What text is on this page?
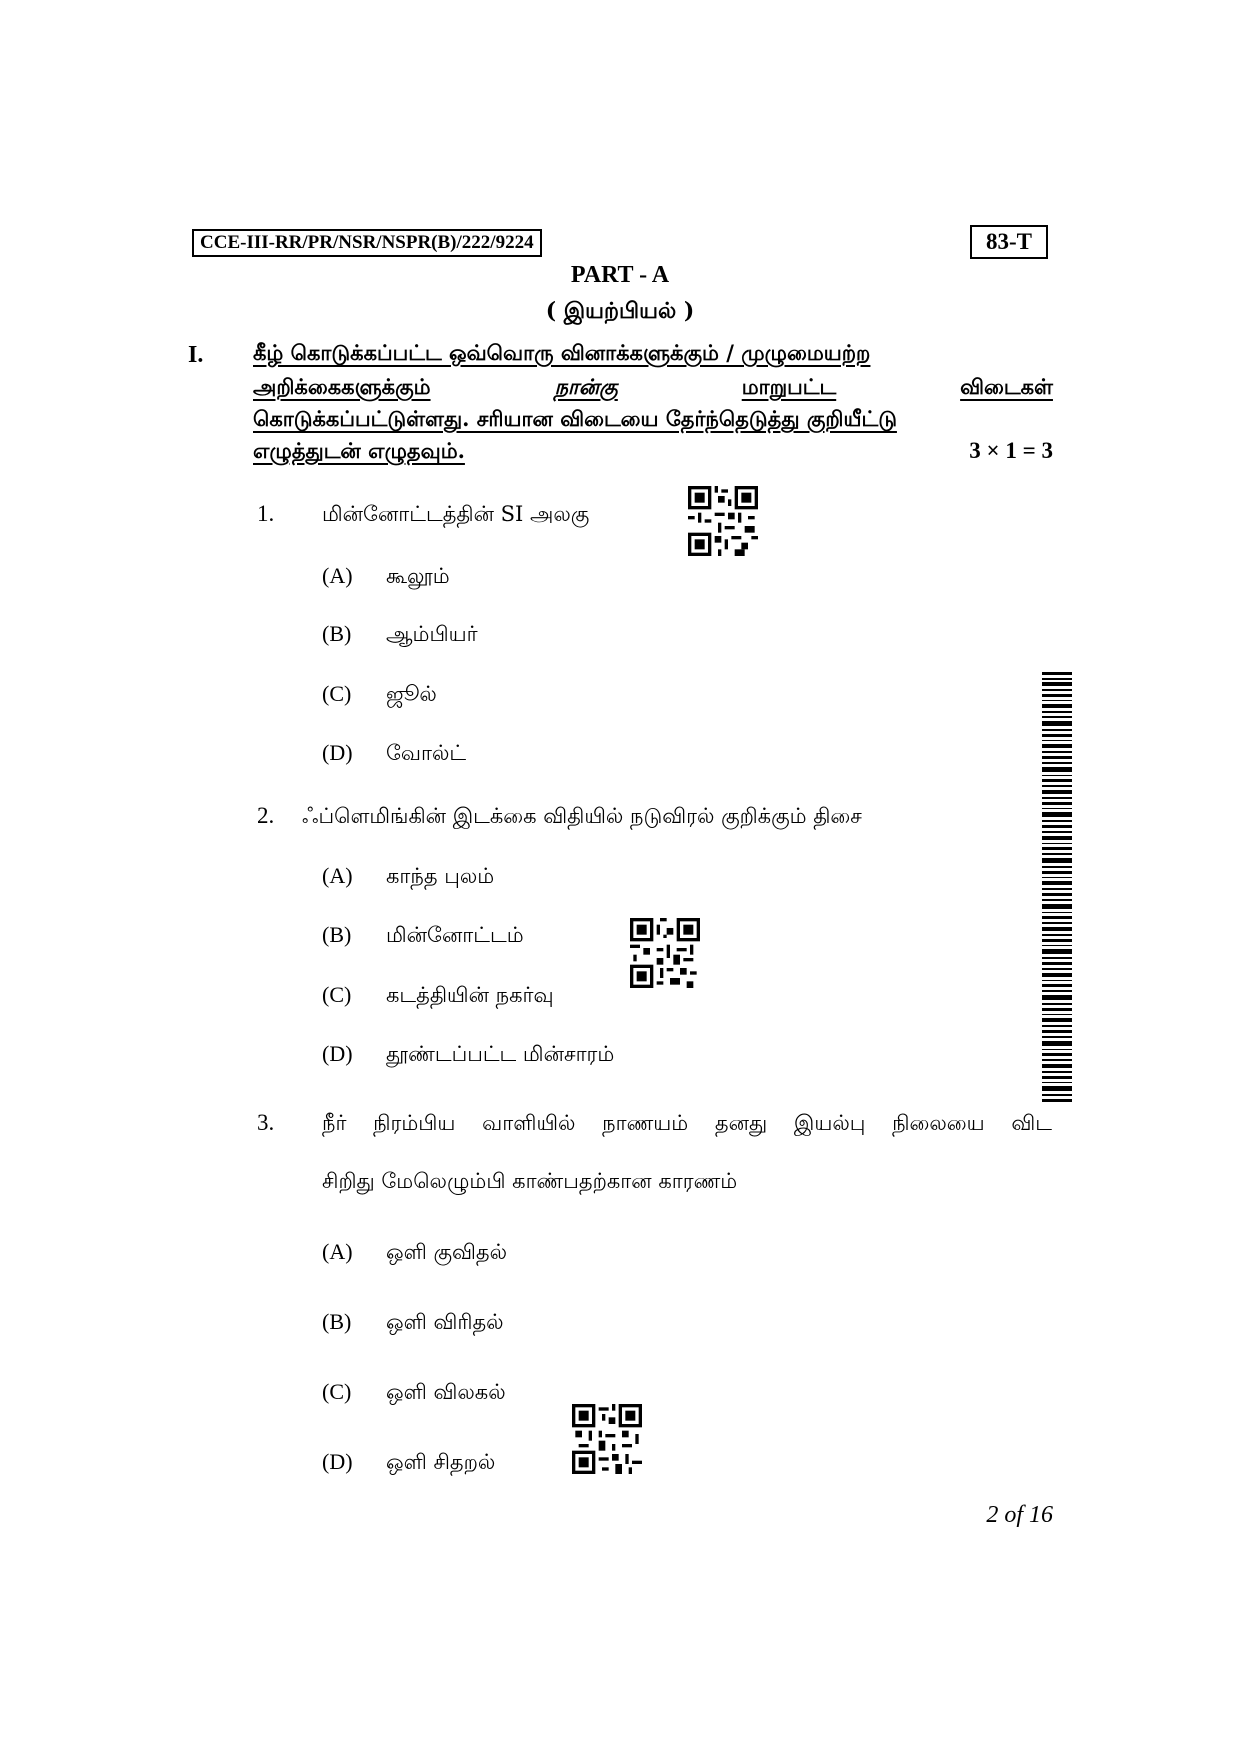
CCE-III-RR/PR/NSR/NSPR(B)/222/9224	83-T
PART - A
( இயற்பியல் )
I. கீழ் கொடுக்கப்பட்ட ஒவ்வொரு வினாக்களுக்கும் / முழுமையற்ற
அறிக்கைகளுக்கும்	நான்கு	மாறுபட்ட	விடைகள்
கொடுக்கப்பட்டுள்ளது. சரியான விடையை தேர்ந்தெடுத்து குறியீட்டு
எழுத்துடன் எழுதவும்.	3 × 1 = 3
1. மின்னோட்டத்தின் SI அலகு
(A) கூலூம்
(B) ஆம்பியர்
(C) ஜூல்
(D) வோல்ட்
2. ஃப்ளெமிங்கின் இடக்கை விதியில் நடுவிரல் குறிக்கும் திசை
(A) காந்த புலம்
(B) மின்னோட்டம்
(C) கடத்தியின் நகர்வு
(D) தூண்டப்பட்ட மின்சாரம்
3. நீர் நிரம்பிய வாளியில் நாணயம் தனது இயல்பு நிலையை விட
சிறிது மேலெழும்பி காண்பதற்கான காரணம்
(A) ஒளி குவிதல்
(B) ஒளி விரிதல்
(C) ஒளி விலகல்
(D) ஒளி சிதறல்
2 of 16
